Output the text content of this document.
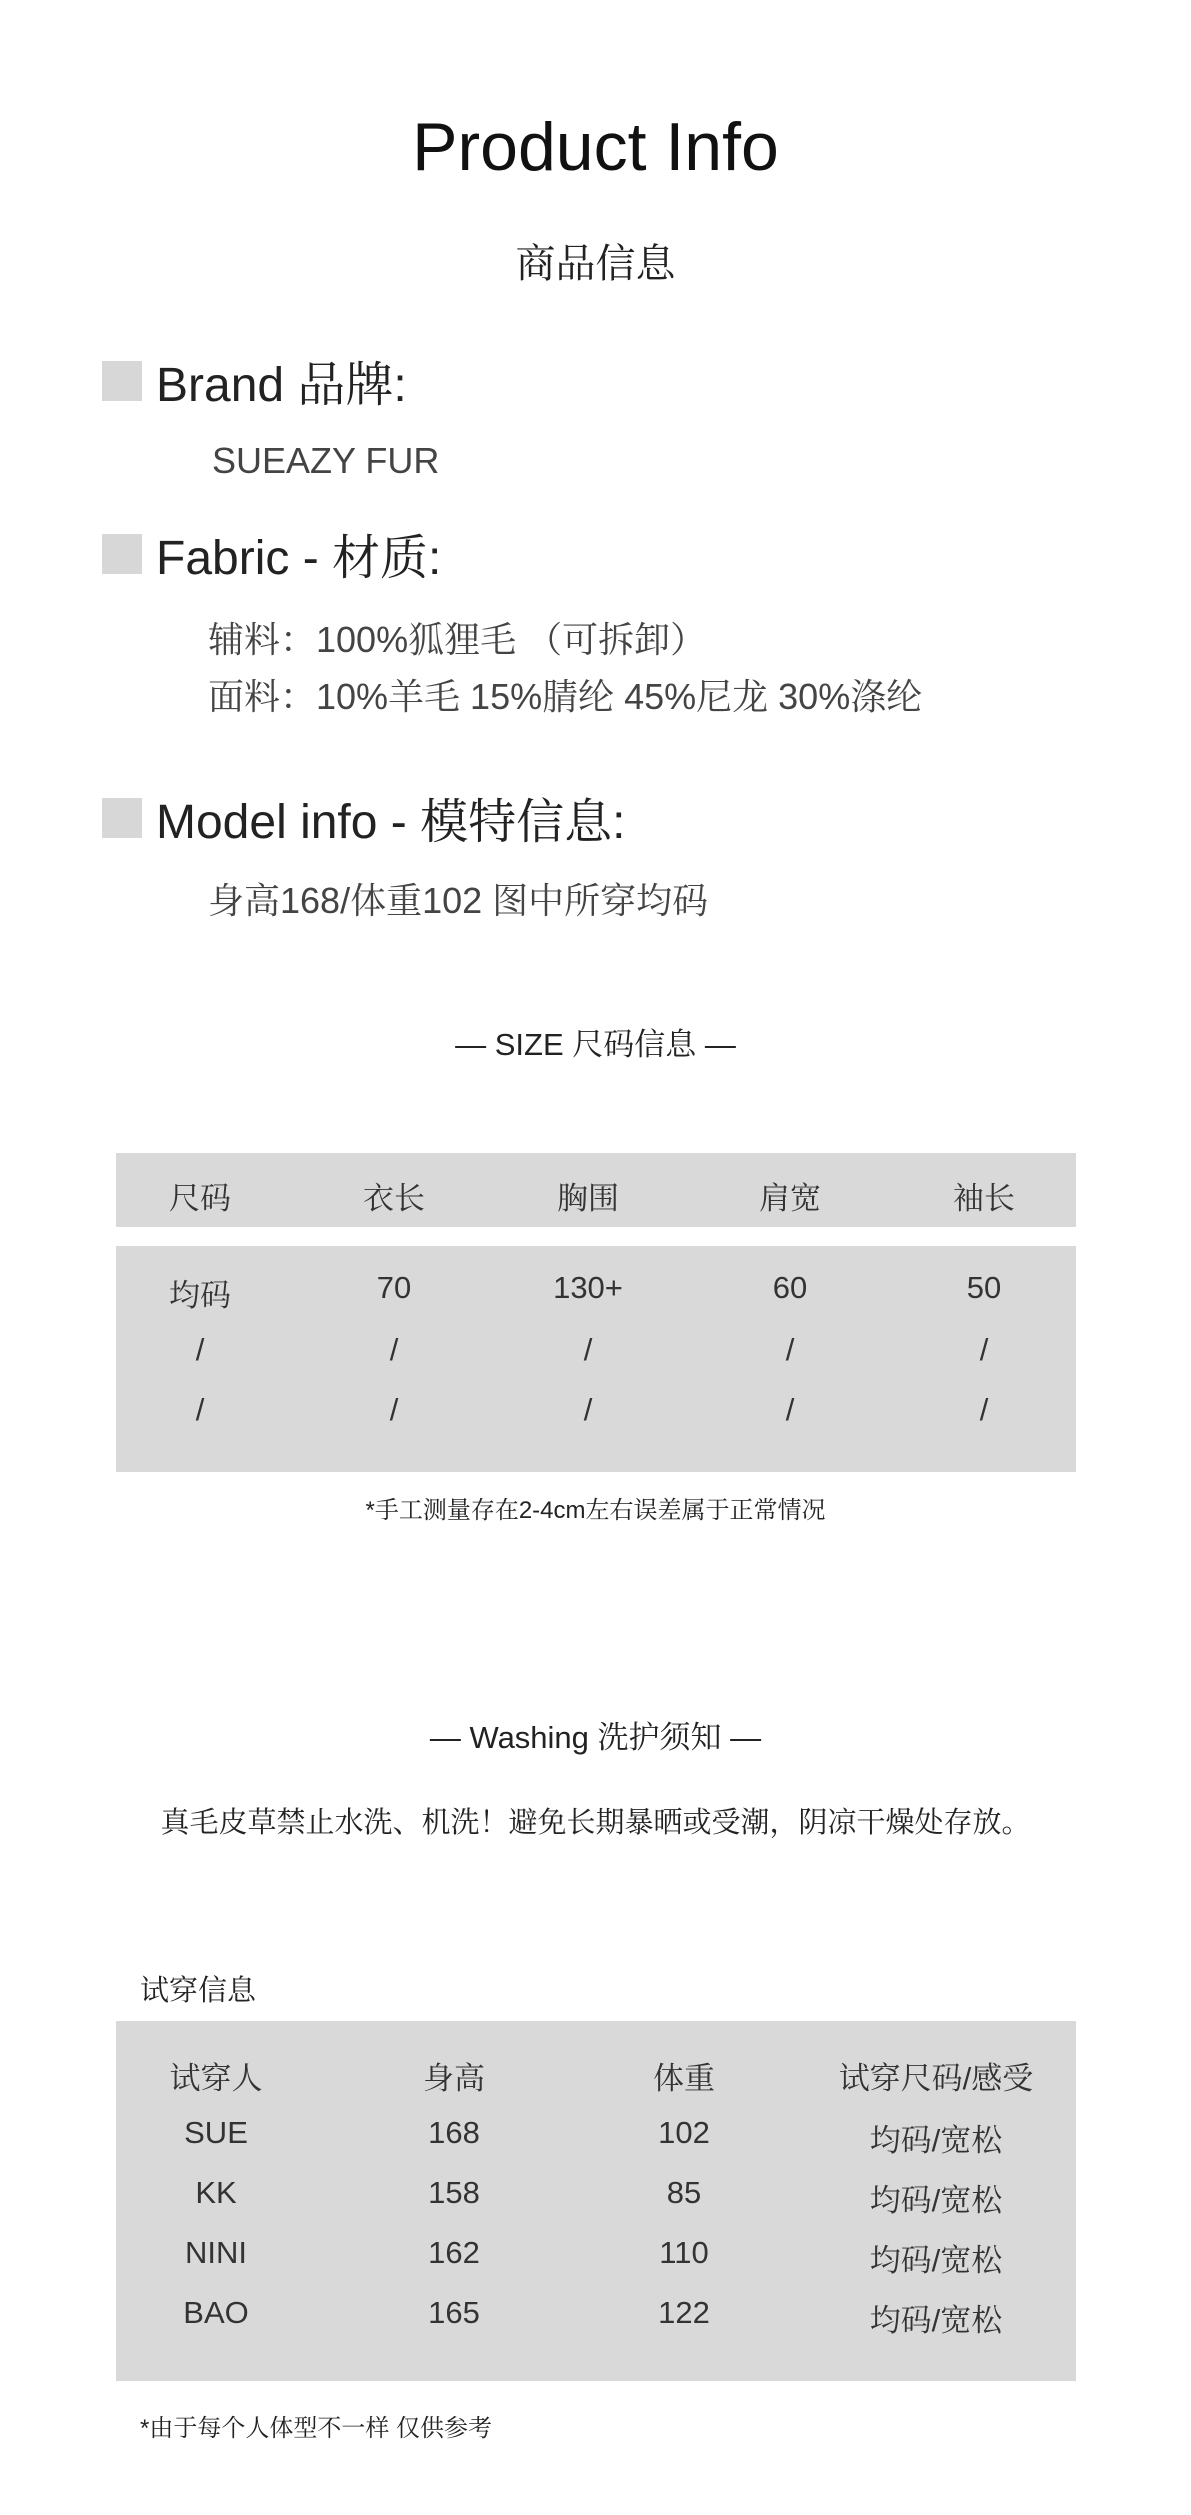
Product Info
商品信息
Brand 品牌:
SUEAZY FUR
Fabric - 材质:
辅料：100%狐狸毛 （可拆卸）
面料：10%羊毛 15%腈纶 45%尼龙 30%涤纶
Model info - 模特信息:
身高168/体重102 图中所穿均码
— SIZE 尺码信息 —
尺码	衣长	胸围	肩宽	袖长
均码	70	130+	60	50
/	/	/	/	/
/	/	/	/	/
*手工测量存在2-4cm左右误差属于正常情况
— Washing 洗护须知 —
真毛皮草禁止水洗、机洗！避免长期暴晒或受潮，阴凉干燥处存放。
试穿信息
试穿人	身高	体重	试穿尺码/感受
SUE	168	102	均码/宽松
KK	158	85	均码/宽松
NINI	162	110	均码/宽松
BAO	165	122	均码/宽松
*由于每个人体型不一样 仅供参考
